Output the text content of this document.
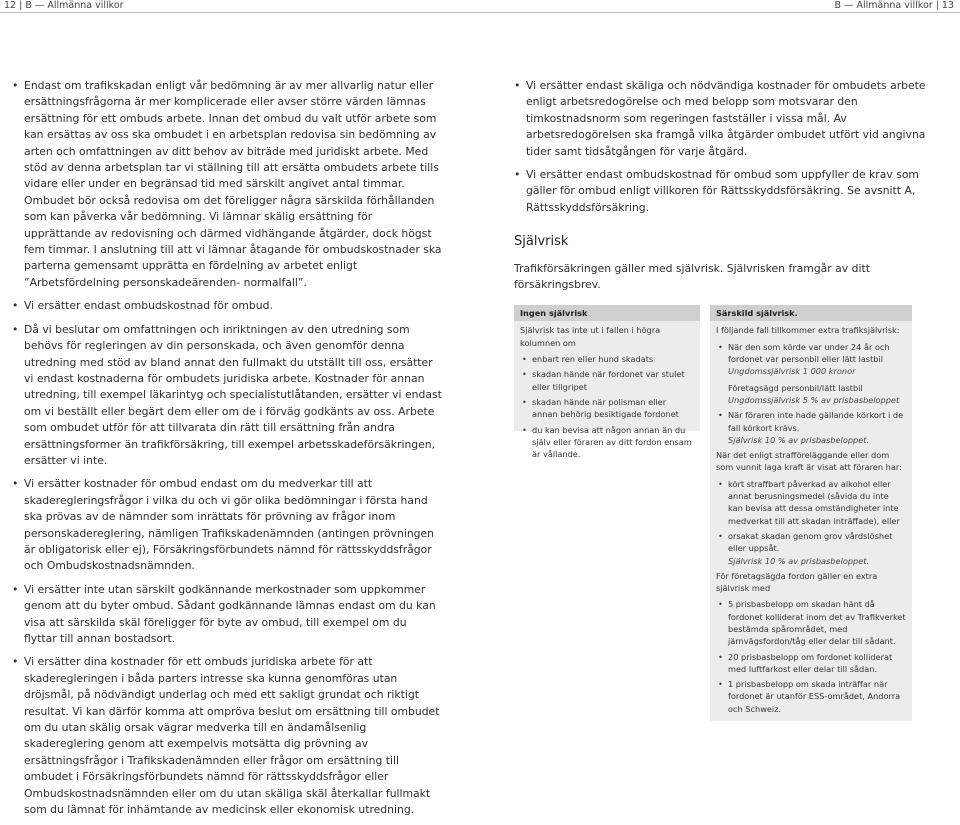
12 | B — Allmänna villkor	B — Allmänna villkor | 13
• Endast om trafikskadan enligt vår bedömning är av mer allvarlig natur eller ersättningsfrågorna är mer komplicerade eller avser större värden lämnas ersättning för ett ombuds arbete. Innan det ombud du valt utför arbete som kan ersättas av oss ska ombudet i en arbetsplan redovisa sin bedömning av arten och omfattningen av ditt behov av biträde med juridiskt arbete. Med stöd av denna arbetsplan tar vi ställning till att ersätta ombudets arbete tills vidare eller under en begränsad tid med särskilt angivet antal timmar. Ombudet bör också redovisa om det föreligger några särskilda förhållanden som kan påverka vår bedömning. Vi lämnar skälig ersättning för upprättande av redovisning och därmed vidhängande åtgärder, dock högst fem timmar. I anslutning till att vi lämnar åtagande för ombudskostnader ska parterna gemensamt upprätta en fördelning av arbetet enligt ”Arbetsfördelning personskadeärenden- normalfall”.
• Vi ersätter endast ombudskostnad för ombud.
• Då vi beslutar om omfattningen och inriktningen av den utredning som behövs för regleringen av din personskada, och även genomför denna utredning med stöd av bland annat den fullmakt du utställt till oss, ersätter vi endast kostnaderna för ombudets juridiska arbete. Kostnader för annan utredning, till exempel läkarintyg och specialistutlåtanden, ersätter vi endast om vi beställt eller begärt dem eller om de i förväg godkänts av oss. Arbete som ombudet utför för att tillvarata din rätt till ersättning från andra ersättningsformer än trafikförsäkring, till exempel arbetsskadeförsäkringen, ersätter vi inte.
• Vi ersätter kostnader för ombud endast om du medverkar till att skaderegleringsfrågor i vilka du och vi gör olika bedömningar i första hand ska prövas av de nämnder som inrättats för prövning av frågor inom personskadereglering, nämligen Trafikskadenämnden (antingen prövningen är obligatorisk eller ej), Försäkringsförbundets nämnd för rättsskyddsfrågor och Ombudskostnadsnämnden.
• Vi ersätter inte utan särskilt godkännande merkostnader som uppkommer genom att du byter ombud. Sådant godkännande lämnas endast om du kan visa att särskilda skäl föreligger för byte av ombud, till exempel om du flyttar till annan bostadsort.
• Vi ersätter dina kostnader för ett ombuds juridiska arbete för att skaderegleringen i båda parters intresse ska kunna genomföras utan dröjsmål, på nödvändigt underlag och med ett sakligt grundat och riktigt resultat. Vi kan därför komma att ompröva beslut om ersättning till ombudet om du utan skälig orsak vägrar medverka till en ändamålsenlig skadereglering genom att exempelvis motsätta dig prövning av ersättningsfrågor i Trafikskadenämnden eller frågor om ersättning till ombudet i Försäkringsförbundets nämnd för rättsskyddsfrågor eller Ombudskostnadsnämnden eller om du utan skäliga skäl återkallar fullmakt som du lämnat för inhämtande av medicinsk eller ekonomisk utredning.
• Vi ersätter endast skäliga och nödvändiga kostnader för ombudets arbete enligt arbetsredogörelse och med belopp som motsvarar den timkostnadsnorm som regeringen fastställer i vissa mål. Av arbetsredogörelsen ska framgå vilka åtgärder ombudet utfört vid angivna tider samt tidsåtgången för varje åtgärd.
• Vi ersätter endast ombudskostnad för ombud som uppfyller de krav som gäller för ombud enligt villkoren för Rättsskyddsförsäkring. Se avsnitt A, Rättsskyddsförsäkring.
Självrisk

Trafikförsäkringen gäller med självrisk. Självrisken framgår av ditt försäkringsbrev.

Ingen självrisk

Självrisk tas inte ut i fallen i högra kolumnen om

• enbart ren eller hund skadats
• skadan hände när fordonet var stulet eller tillgripet
• skadan hände när polisman eller annan behörig besiktigade fordonet
• du kan bevisa att någon annan än du själv eller föraren av ditt fordon ensam är vållande.
Särskild självrisk.

I följande fall tillkommer extra trafiksjälvrisk:

• När den som körde var under 24 år och fordonet var personbil eller lätt lastbil
Ungdomssjälvrisk 1 000 kronor
Företagsägd personbil/lätt lastbil
Ungdomssjälvrisk 5 % av prisbasbeloppet
• När föraren inte hade gällande körkort i de fall körkort krävs.
Självrisk 10 % av prisbasbeloppet.

När det enligt strafföreläggande eller dom som vunnit laga kraft är visat att föraren har:

• kört straffbart påverkad av alkohol eller annat berusningsmedel (såvida du inte kan bevisa att dessa omständigheter inte medverkat till att skadan inträffade), eller
• orsakat skadan genom grov vårdslöshet eller uppsåt.
Självrisk 10 % av prisbasbeloppet.

För företagsägda fordon gäller en extra självrisk med

• 5 prisbasbelopp om skadan hänt då fordonet kolliderat inom det av Trafikverket bestämda spårområdet, med järnvägsfordon/tåg eller delar till sådant.
• 20 prisbasbelopp om fordonet kolliderat med luftfarkost eller delar till sådan.
• 1 prisbasbelopp om skada inträffar när fordonet är utanför ESS-området, Andorra och Schweiz.
